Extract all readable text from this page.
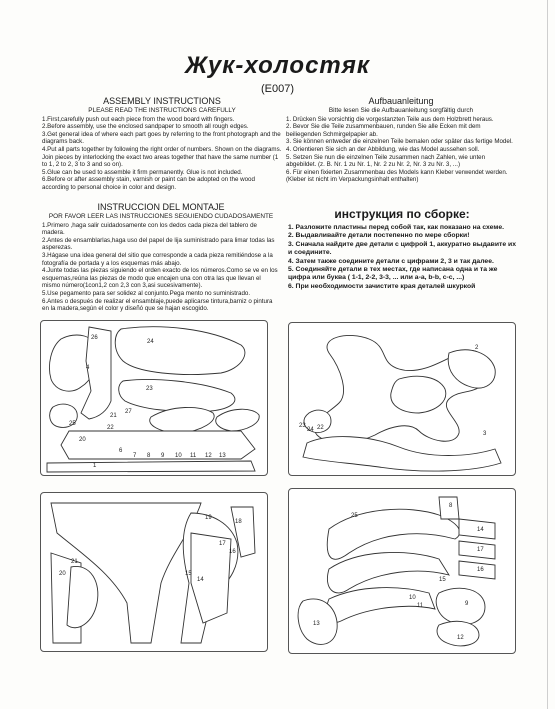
Жук-холостяк
(E007)
ASSEMBLY INSTRUCTIONS
PLEASE READ THE INSTRUCTIONS CAREFULLY
1.First,carefully push out each piece from the wood board with fingers.
2.Before assembly, use the enclosed sandpaper to smooth all rough edges.
3.Get general idea of where each part goes by referring to the front photograph and the diagrams back.
4.Put all parts together by following the right order of numbers. Shown on the diagrams. Join pieces by interlocking the exact two areas together that have the same number (1 to 1, 2 to 2, 3 to 3 and so on).
5.Glue can be used to assemble it firm permanently. Glue is not included.
6.Before or after assembly stain, varnish or paint can be adopted on the wood according to personal choice in color and design.
Aufbauanleitung
Bitte lesen Sie die Aufbauanleitung sorgfältig durch
1. Drücken Sie vorsichtig die vorgestanzten Teile aus dem Holzbrett heraus.
2. Bevor Sie die Teile zusammenbauen, runden Sie alle Ecken mit dem beiliegenden Schmirgelpapier ab.
3. Sie können entweder die einzelnen Teile bemalen oder später das fertige Model.
4. Orientieren Sie sich an der Abbildung, wie das Model aussehen soll.
5. Setzen Sie nun die einzelnen Teile zusammen nach Zahlen, wie unten abgebildet. (z. B. Nr. 1 zu Nr. 1, Nr. 2 zu Nr. 2, Nr. 3 zu Nr. 3, ...)
6. Für einen fixierten Zusammenbau des Models kann Kleber verwendet werden. (Kleber ist nicht im Verpackungsinhalt enthalten)
INSTRUCCION DEL MONTAJE
POR FAVOR LEER LAS INSTRUCCIONES SEGUIENDO CUDADOSAMENTE
1.Primero ,haga salir cuidadosamente con los dedos cada pieza del tablero de madera.
2.Antes de ensamblarlas,haga uso del papel de lija suministrado para limar todas las asperezas.
3.Hágase una idea general del sitio que corresponde a cada pieza remitiéndose a la fotografía de portada y a los esquemas más abajo.
4.Junte todas las piezas siguiendo el orden exacto de los números.Como se ve en los esquemas,reúna las piezas de modo que encajen una con otra las que llevan el mismo número(1con1,2 con 2,3 con 3,asi sucesivamente).
5.Use pegamento para ser solidez al conjunto.Pega mento no suministrado.
6.Antes o después de realizar el ensamblaje,puede aplicarse tintura,barniz o pintura en la madera,según el color y diseñó que se hajan escogido.
инструкция по сборке:
1. Разложите пластины перед собой так, как показано на схеме.
2. Выдавливайте детали постепенно по мере сборки!
3. Сначала найдите две детали с цифрой 1, аккуратно выдавите их и соедините.
4. Затем также соедините детали с цифрами 2, 3 и так далее.
5. Соединяйте детали в тех местах, где написана одна и та же цифра или буква ( 1-1, 2-2, 3-3, ... или а-а, b-b, c-c, ...)
6. При необходимости зачистите края деталей шкуркой
26
24
4
23
27
21
22
25
20
6
7 8 9 10 11 12 13
1
2
3
22
24
23
19
18
17
16
21
20	15
14
8
25
14
17
16
15
9
10
11
13
12
